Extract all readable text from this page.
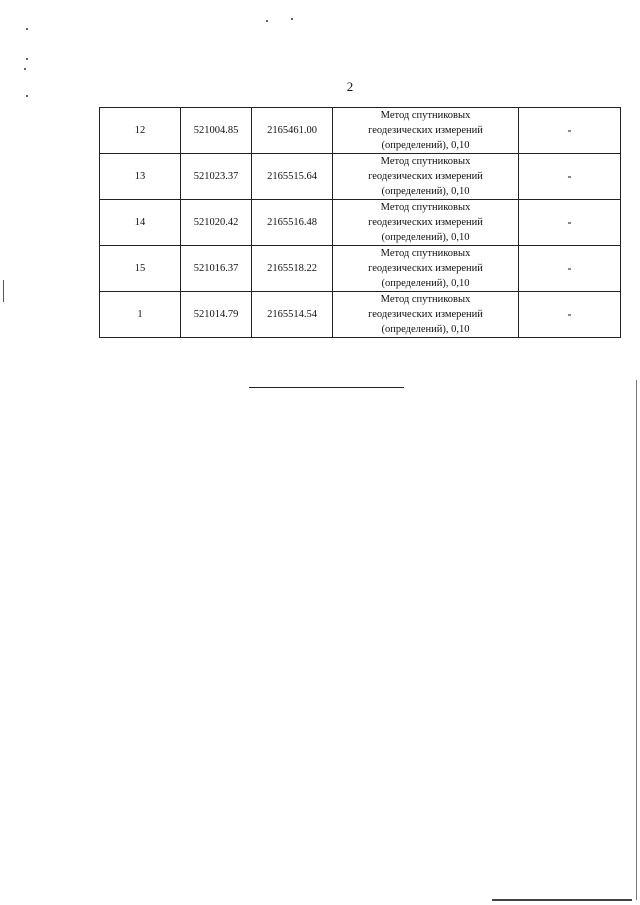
2
12	521004.85	2165461.00	Метод спутниковых
геодезических измерений
(определений), 0,10	-
13	521023.37	2165515.64	Метод спутниковых
геодезических измерений
(определений), 0,10	-
14	521020.42	2165516.48	Метод спутниковых
геодезических измерений
(определений), 0,10	-
15	521016.37	2165518.22	Метод спутниковых
геодезических измерений
(определений), 0,10	-
1	521014.79	2165514.54	Метод спутниковых
геодезических измерений
(определений), 0,10	-
